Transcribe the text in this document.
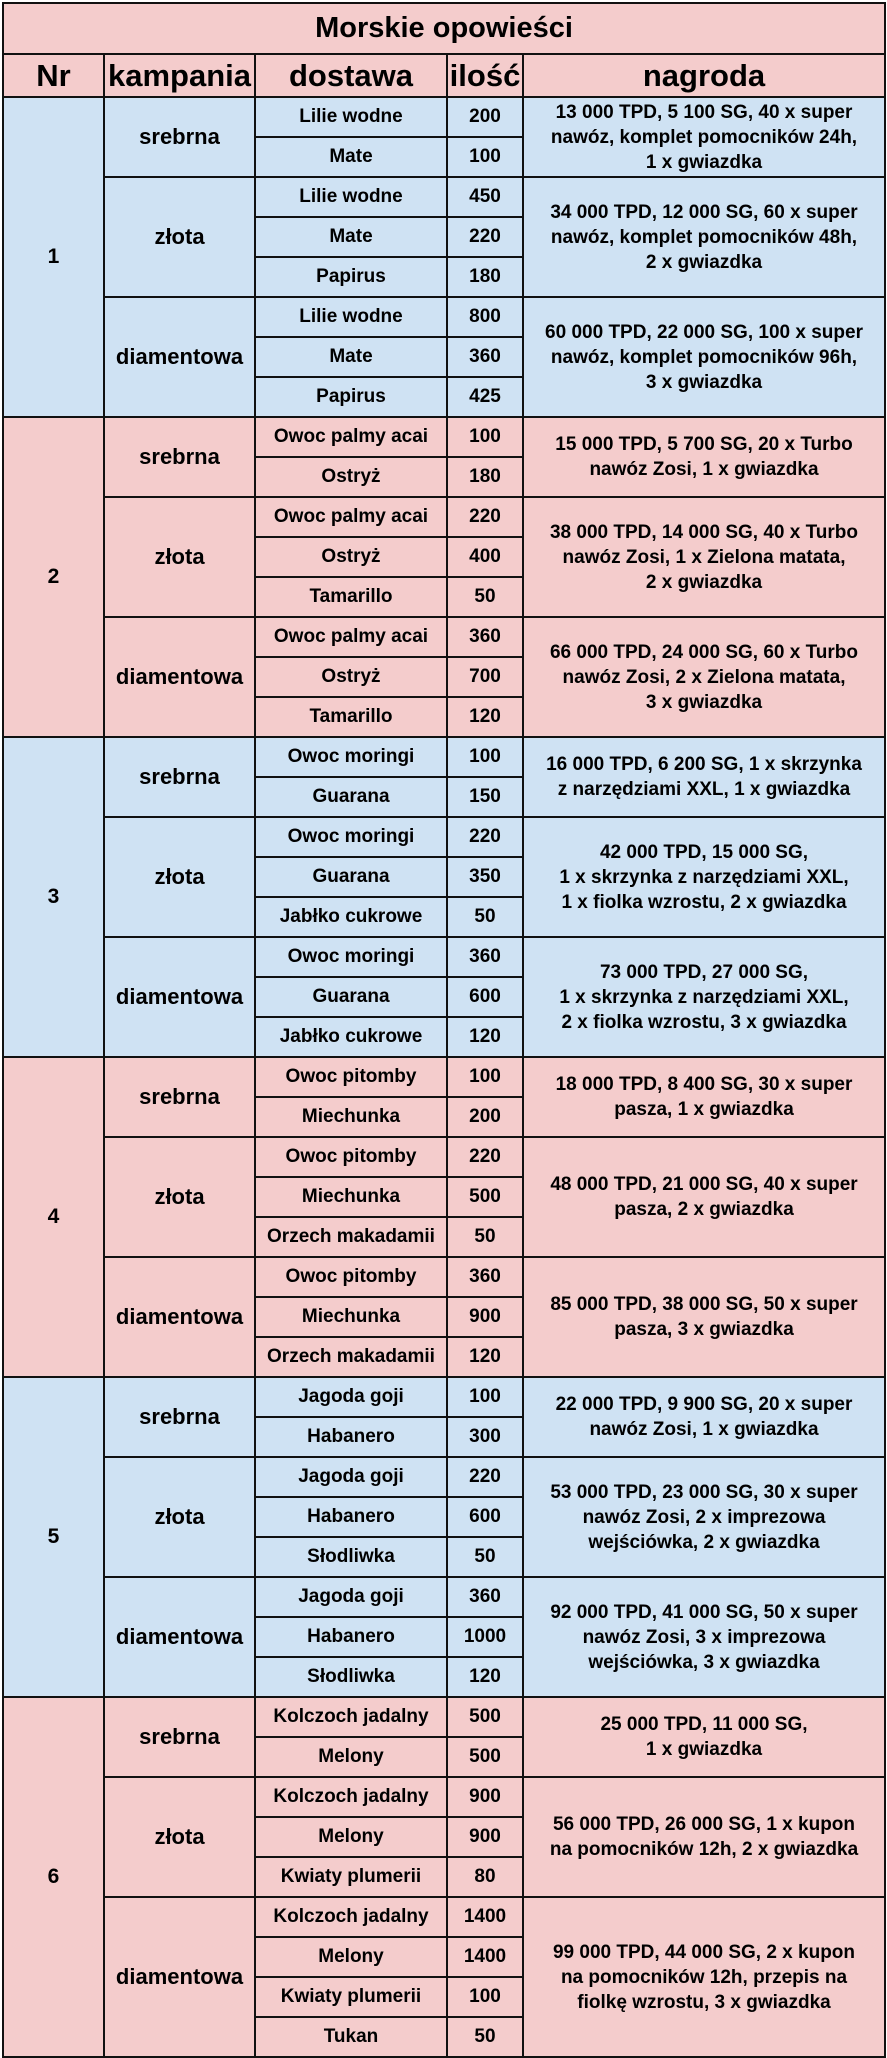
Morskie opowieści				
Nr	kampania	dostawa	ilość	nagroda
1	srebrna	Lilie wodne	200	13 000 TPD, 5 100 SG, 40 x super
nawóz, komplet pomocników 24h,
1 x gwiazdka

		Mate	100	
	złota	Lilie wodne	450	34 000 TPD, 12 000 SG, 60 x super
nawóz, komplet pomocników 48h,
2 x gwiazdka

		Mate	220	
		Papirus	180	
	diamentowa	Lilie wodne	800	60 000 TPD, 22 000 SG, 100 x super
nawóz, komplet pomocników 96h,
3 x gwiazdka

		Mate	360	
		Papirus	425	
2	srebrna	Owoc palmy acai	100	15 000 TPD, 5 700 SG, 20 x Turbo
nawóz Zosi, 1 x gwiazdka

		Ostryż	180	
	złota	Owoc palmy acai	220	38 000 TPD, 14 000 SG, 40 x Turbo
nawóz Zosi, 1 x Zielona matata,
2 x gwiazdka

		Ostryż	400	
		Tamarillo	50	
	diamentowa	Owoc palmy acai	360	66 000 TPD, 24 000 SG, 60 x Turbo
nawóz Zosi, 2 x Zielona matata,
3 x gwiazdka

		Ostryż	700	
		Tamarillo	120	
3	srebrna	Owoc moringi	100	16 000 TPD, 6 200 SG, 1 x skrzynka
z narzędziami XXL, 1 x gwiazdka

		Guarana	150	
	złota	Owoc moringi	220	42 000 TPD, 15 000 SG,
1 x skrzynka z narzędziami XXL,
1 x fiolka wzrostu, 2 x gwiazdka

		Guarana	350	
		Jabłko cukrowe	50	
	diamentowa	Owoc moringi	360	73 000 TPD, 27 000 SG,
1 x skrzynka z narzędziami XXL,
2 x fiolka wzrostu, 3 x gwiazdka

		Guarana	600	
		Jabłko cukrowe	120	
4	srebrna	Owoc pitomby	100	18 000 TPD, 8 400 SG, 30 x super
pasza, 1 x gwiazdka

		Miechunka	200	
	złota	Owoc pitomby	220	48 000 TPD, 21 000 SG, 40 x super
pasza, 2 x gwiazdka

		Miechunka	500	
		Orzech makadamii	50	
	diamentowa	Owoc pitomby	360	85 000 TPD, 38 000 SG, 50 x super
pasza, 3 x gwiazdka

		Miechunka	900	
		Orzech makadamii	120	
5	srebrna	Jagoda goji	100	22 000 TPD, 9 900 SG, 20 x super
nawóz Zosi, 1 x gwiazdka

		Habanero	300	
	złota	Jagoda goji	220	53 000 TPD, 23 000 SG, 30 x super
nawóz Zosi, 2 x imprezowa
wejściówka, 2 x gwiazdka

		Habanero	600	
		Słodliwka	50	
	diamentowa	Jagoda goji	360	92 000 TPD, 41 000 SG, 50 x super
nawóz Zosi, 3 x imprezowa
wejściówka, 3 x gwiazdka

		Habanero	1000	
		Słodliwka	120	
6	srebrna	Kolczoch jadalny	500	25 000 TPD, 11 000 SG,
1 x gwiazdka

		Melony	500	
	złota	Kolczoch jadalny	900	56 000 TPD, 26 000 SG, 1 x kupon
na pomocników 12h, 2 x gwiazdka

		Melony	900	
		Kwiaty plumerii	80	
	diamentowa	Kolczoch jadalny	1400	99 000 TPD, 44 000 SG, 2 x kupon
na pomocników 12h, przepis na
fiolkę wzrostu, 3 x gwiazdka

		Melony	1400	
		Kwiaty plumerii	100	
		Tukan	50	
